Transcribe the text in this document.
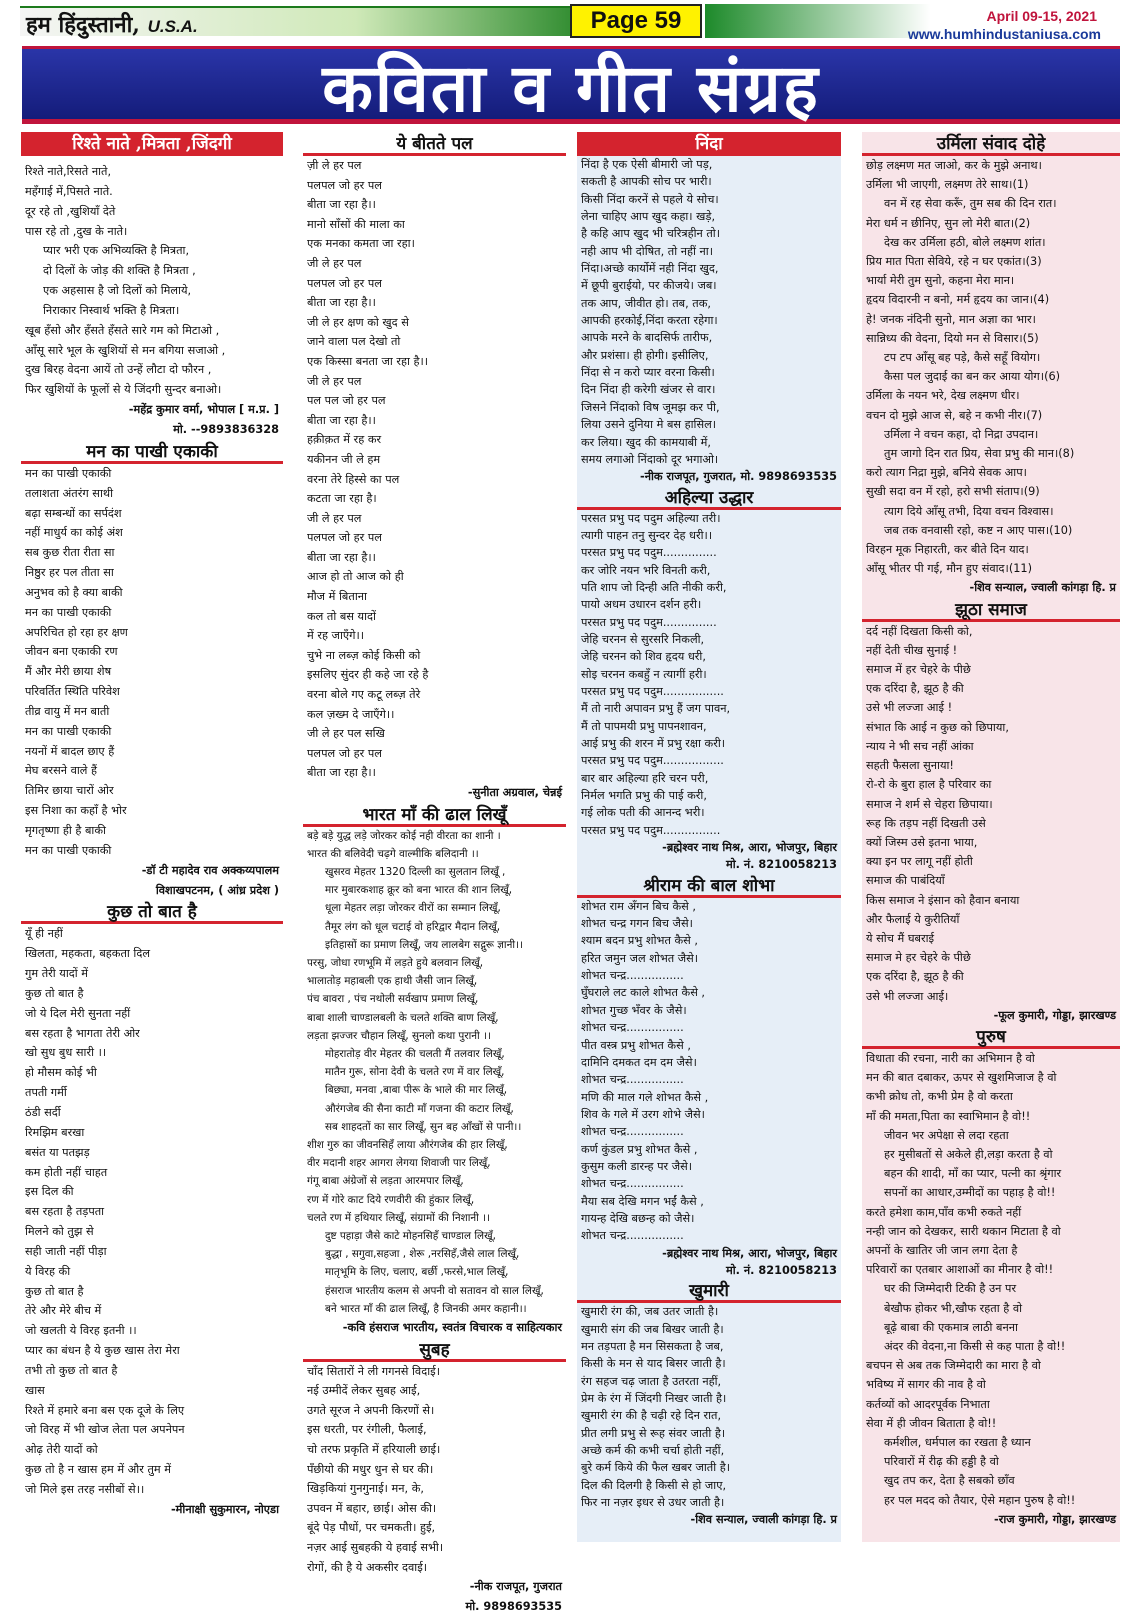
हम हिंदुस्तानी, U.S.A.	Page 59	April 09-15, 2021
www.humhindustaniusa.com
कविता व गीत संग्रह
रिश्ते नाते ,मित्रता ,जिंदगी

रिश्ते नाते,रिसते नाते,

महँगाई में,पिसते नाते.

दूर रहे तो ,खुशियाँ देते

पास रहे तो ,दुख के नाते।

प्यार भरी एक अभिव्यक्ति है मित्रता,

दो दिलों के जोड़ की शक्ति है मित्रता ,

एक अहसास है जो दिलों को मिलाये,

निराकार निस्वार्थ भक्ति है मित्रता।

खूब हँसो और हँसते हँसते सारे गम को मिटाओ ,

आँसू सारे भूल के खुशियों से मन बगिया सजाओ ,

दुख बिरह वेदना आयें तो उन्हें लौटा दो फौरन ,

फिर खुशियों के फूलों से ये जिंदगी सुन्दर बनाओ।

-महेंद्र कुमार वर्मा, भोपाल [ म.प्र. ]

मो. --9893836328

मन का पाखी एकाकी

मन का पाखी एकाकी

तलाशता अंतरंग साथी

बढ़ा सम्बन्धों का सर्पदंश

नहीं माधुर्य का कोई अंश

सब कुछ रीता रीता सा

निष्ठुर हर पल तीता सा

अनुभव को है क्या बाकी

मन का पाखी एकाकी

अपरिचित हो रहा हर क्षण

जीवन बना एकाकी रण

मैं और मेरी छाया शेष

परिवर्तित स्थिति परिवेश

तीव्र वायु में मन बाती

मन का पाखी एकाकी

नयनों में बादल छाए हैं

मेघ बरसने वाले हैं

तिमिर छाया चारों ओर

इस निशा का कहाँ है भोर

मृगतृष्णा ही है बाकी

मन का पाखी एकाकी

-डॉ टी महादेव राव अक्कय्यपालम

विशाखपटनम, ( आंध्र प्रदेश )

कुछ तो बात है

यूँ ही नहीं

खिलता, महकता, बहकता दिल

गुम तेरी यादों में

कुछ तो बात है

जो ये दिल मेरी सुनता नहीं

बस रहता है भागता तेरी ओर

खो सुध बुध सारी ।।

हो मौसम कोई भी

तपती गर्मी

ठंडी सर्दी

रिमझिम बरखा

बसंत या पतझड़

कम होती नहीं चाहत

इस दिल की

बस रहता है तड़पता

मिलने को तुझ से

सही जाती नहीं पीड़ा

ये विरह की

कुछ तो बात है

तेरे और मेरे बीच में

जो खलती ये विरह इतनी ।।

प्यार का बंधन है ये कुछ खास तेरा मेरा

तभी तो कुछ तो बात है

खास

रिश्ते में हमारे बना बस एक दूजे के लिए

जो विरह में भी खोज लेता पल अपनेपन

ओढ़ तेरी यादों को

कुछ तो है न खास हम में और तुम में

जो मिले इस तरह नसीबों से।।

-मीनाक्षी सुकुमारन, नोएडा

ये बीतते पल

ज़ी ले हर पल

पलपल जो हर पल

बीता जा रहा है।।

मानो साँसों की माला का

एक मनका कमता जा रहा।

जी ले हर पल

पलपल जो हर पल

बीता जा रहा है।।

जी ले हर क्षण को खुद से

जाने वाला पल देखो तो

एक किस्सा बनता जा रहा है।।

जी ले हर पल

पल पल जो हर पल

बीता जा रहा है।।

हक़ीक़त में रह कर

यकीनन जी ले हम

वरना तेरे हिस्से का पल

कटता जा रहा है।

जी ले हर पल

पलपल जो हर पल

बीता जा रहा है।।

आज हो तो आज को ही

मौज में बिताना

कल तो बस यादों

में रह जाएँगे।।

चुभे ना लब्ज़ कोई किसी को

इसलिए सुंदर ही कहे जा रहे है

वरना बोले गए कटू लब्ज़ तेरे

कल ज़ख्म दे जाएँगे।।

जी ले हर पल सखि

पलपल जो हर पल

बीता जा रहा है।।

-सुनीता अग्रवाल, चेन्नई

भारत माँ की ढाल लिखूँ

बड़े बड़े युद्ध लड़े जोरकर कोई नही वीरता का शानी ।

भारत की बलिवेदी चढ़गे वाल्मीकि बलिदानी ।।

खुसरव मेहतर 1320 दिल्ली का सुलतान लिखूँ ,

मार मुबारकशाह क्रूर को बना भारत की शान लिखूँ,

धूला मेहतर लड़ा जोरकर वीरों का सम्मान लिखूँ,

तैमूर लंग को धूल चटाई वो हरिद्वार मैदान लिखूँ,

इतिहासों का प्रमाण लिखूँ, जय लालबेग सद्गुरू ज्ञानी।।

परसु, जोधा रणभूमि में लड़ते हुये बलवान लिखूँ,

भालातोड़ महाबली एक हाथी जैसी जान लिखूँ,

पंच बावरा , पंच नथोली सर्वखाप प्रमाण लिखूँ,

बाबा शाली चाण्डालबली के चलते शक्ति बाण लिखूँ,

लड़ता झज्जर चौहान लिखूँ, सुनलो कथा पुरानी ।।

मोहरातोड़ वीर मेहतर की चलती मैं तलवार लिखूँ,

मातैन गुरू, सोना देवी के चलते रण में वार लिखूँ,

बिछ्या, मनवा ,बाबा पीरू के भाले की मार लिखूँ,

औरंगजेब की सैना काटी माँ गजना की कटार लिखूँ,

सब शाहदतों का सार लिखूँ, सुन बह आँखों से पानी।।

शीश गुरु का जीवनसिहँ लाया औरंगजेब की हार लिखूँ,

वीर मदानी शहर आगरा लेगया शिवाजी पार लिखूँ,

गंगू बाबा अंग्रेजों से लड़ता आरमपार लिखूँ,

रण में गोरे काट दिये रणवीरी की हुंकार लिखूँ,

चलते रण में हथियार लिखूँ, संग्रामों की निशानी ।।

दुष्ट पहाड़ा जैसे काटे मोहनसिहँ चाण्डाल लिखूँ,

बुद्धा , सगुवा,सहजा , शेरू ,नरसिहँ,जैसे लाल लिखूँ,

मातृभूमि के लिए, चलाए, बर्छी ,फरसे,भाल लिखूँ,

हंसराज भारतीय कलम से अपनी वो सतावन वो साल लिखूँ,

बने भारत माँ की ढाल लिखूँ, है जिनकी अमर कहानी।।

-कवि हंसराज भारतीय, स्वतंत्र विचारक व साहित्यकार

सुबह

चाँद सितारों ने ली गगनसे विदाई।

नई उम्मीदें लेकर सुबह आई,

उगते सूरज ने अपनी किरणों से।

इस धरती, पर रंगीली, फैलाई,

चो तरफ प्रकृति में हरियाली छाई।

पँछीयो की मधुर धुन से घर की।

खिड़कियां गुनगुनाई। मन, के,

उपवन में बहार, छाई। ओस की।

बूंदे पेड़ पौधों, पर चमकती। हुई,

नज़र आई सुबहकी ये हवाई सभी।

रोगों, की है ये अकसीर दवाई।

-नीक राजपूत, गुजरात

मो. 9898693535

निंदा

निंदा है एक ऐसी बीमारी जो पड़,

सकती है आपकी सोच पर भारी।

किसी निंदा करनें से पहले ये सोच।

लेना चाहिए आप खुद कहा। खड़े,

है कहि आप खुद भी चरित्रहीन तो।

नही आप भी दोषित, तो नहीं ना।

निंदा।अच्छे कार्योमें नही निंदा खुद,

में छूपी बुराईयो, पर कीजये। जब।

तक आप, जीवीत हो। तब, तक,

आपकी हरकोई,निंदा करता रहेगा।

आपके मरने के बादसिर्फ तारीफ,

और प्रशंसा। ही होगी। इसीलिए,

निंदा से न करो प्यार वरना किसी।

दिन निंदा ही करेगी खंजर से वार।

जिसने निंदाको विष जूमझ कर पी,

लिया उसने दुनिया मे बस हासिल।

कर लिया। खुद की कामयाबी में,

समय लगाओ निंदाको दूर भगाओ।

-नीक राजपूत, गुजरात, मो. 9898693535

अहिल्या उद्धार

परसत प्रभु पद पदुम अहिल्या तरी।

त्यागी पाहन तनु सुन्दर देह धरी।।

परसत प्रभु पद पदुम...............

कर जोरि नयन भरि विनती करी,

पति शाप जो दिन्ही अति नीकी करी,

पायो अधम उधारन दर्शन हरी।

परसत प्रभु पद पदुम...............

जेहि चरनन से सुरसरि निकली,

जेहि चरनन को शिव हृदय धरी,

सोइ चरनन कबहुँ न त्यागीं हरी।

परसत प्रभु पद पदुम.................

मैं तो नारी अपावन प्रभु हैं जग पावन,

मैं तो पापमयी प्रभु पापनशावन,

आई प्रभु की शरन में प्रभु रक्षा करी।

परसत प्रभु पद पदुम.................

बार बार अहिल्या हरि चरन परी,

निर्मल भगति प्रभु की पाई करी,

गई लोक पती की आनन्द भरी।

परसत प्रभु पद पदुम................

-ब्रह्मेश्वर नाथ मिश्र, आरा, भोजपुर, बिहार

मो. नं. 8210058213

श्रीराम की बाल शोभा

शोभत राम अँगन बिच कैसे ,

शोभत चन्द्र गगन बिच जैसे।

श्याम बदन प्रभु शोभत कैसे ,

हरित जमुन जल शोभत जैसे।

शोभत चन्द्र................

घुँघराले लट काले शोभत कैसे ,

शोभत गुच्छ भँवर के जैसे।

शोभत चन्द्र................

पीत वस्त्र प्रभु शोभत कैसे ,

दामिनि दमकत दम दम जैसे।

शोभत चन्द्र................

मणि की माल गले शोभत कैसे ,

शिव के गले में उरग शोभे जैसे।

शोभत चन्द्र................

कर्ण कुंडल प्रभु शोभत कैसे ,

कुसुम कली डारन्ह पर जैसे।

शोभत चन्द्र................

मैया सब देखि मगन भईं कैसे ,

गायन्ह देखि बछन्ह को जैसे।

शोभत चन्द्र................

-ब्रह्मेश्वर नाथ मिश्र, आरा, भोजपुर, बिहार

मो. नं. 8210058213

खुमारी

खुमारी रंग की, जब उतर जाती है।

खुमारी संग की जब बिखर जाती है।

मन तड़पता है मन सिसकता है जब,

किसी के मन से याद बिसर जाती है।

रंग सहज चढ़ जाता है उतरता नहीं,

प्रेम के रंग में जिंदगी निखर जाती है।

खुमारी रंग की है चढ़ी रहे दिन रात,

प्रीत लगी प्रभु से रूह संवर जाती है।

अच्छे कर्म की कभी चर्चा होती नहीं,

बुरे कर्म किये की फैल खबर जाती है।

दिल की दिलगी है किसी से हो जाए,

फिर ना नज़र इधर से उधर जाती है।

-शिव सन्याल, ज्वाली कांगड़ा हि. प्र

उर्मिला संवाद दोहे

छोड़ लक्ष्मण मत जाओ, कर के मुझे अनाथ।

उर्मिला भी जाएगी, लक्ष्मण तेरे साथ।(1)

वन में रह सेवा करूँ, तुम सब की दिन रात।

मेरा धर्म न छीनिए, सुन लो मेरी बात।(2)

देख कर उर्मिला हठी, बोले लक्ष्मण शांत।

प्रिय मात पिता सेविये, रहे न घर एकांत।(3)

भार्या मेरी तुम सुनो, कहना मेरा मान।

हृदय विदारनी न बनो, मर्म हृदय का जान।(4)

हे! जनक नंदिनी सुनो, मान अज्ञा का भार।

सान्निध्य की वेदना, दियो मन से विसार।(5)

टप टप आँसू बह पड़े, कैसे सहूँ वियोग।

कैसा पल जुदाई का बन कर आया योग।(6)

उर्मिला के नयन भरे, देख लक्ष्मण धीर।

वचन दो मुझे आज से, बहे न कभी नीर।(7)

उर्मिला ने वचन कहा, दो निद्रा उपदान।

तुम जागो दिन रात प्रिय, सेवा प्रभु की मान।(8)

करो त्याग निद्रा मुझे, बनिये सेवक आप।

सुखी सदा वन में रहो, हरो सभी संताप।(9)

त्याग दिये आँसू तभी, दिया वचन विश्वास।

जब तक वनवासी रहो, कष्ट न आए पास।(10)

विरहन मूक निहारती, कर बीते दिन याद।

आँसू भीतर पी गई, मौन हुए संवाद।(11)

-शिव सन्याल, ज्वाली कांगड़ा हि. प्र

झूठा समाज

दर्द नहीं दिखता किसी को,

नहीं देती चीख सुनाई !

समाज में हर चेहरे के पीछे

एक दरिंदा है, झूठ है की

उसे भी लज्जा आई !

संभात कि आई न कुछ को छिपाया,

न्याय ने भी सच नहीं आंका

सहती फैसला सुनाया!

रो-रो के बुरा हाल है परिवार का

समाज ने शर्म से चेहरा छिपाया।

रूह कि तड़प नहीं दिखती उसे

क्यों जिस्म उसे इतना भाया,

क्या इन पर लागू नहीं होती

समाज की पाबंदियाँ

किस समाज ने इंसान को हैवान बनाया

और फैलाई ये कुरीतियाँ

ये सोच मैं घबराई

समाज मे हर चेहरे के पीछे

एक दरिंदा है, झूठ है की

उसे भी लज्जा आई।

-फूल कुमारी, गोड्डा, झारखण्ड

पुरुष

विधाता की रचना, नारी का अभिमान है वो

मन की बात दबाकर, ऊपर से खुशमिजाज है वो

कभी क्रोध तो, कभी प्रेम है वो करता

माँ की ममता,पिता का स्वाभिमान है वो!!

जीवन भर अपेक्षा से लदा रहता

हर मुसीबतों से अकेले ही,लड़ा करता है वो

बहन की शादी, माँ का प्यार, पत्नी का श्रृंगार

सपनों का आधार,उम्मीदों का पहाड़ है वो!!

करते हमेशा काम,पाँव कभी रुकते नहीं

नन्ही जान को देखकर, सारी थकान मिटाता है वो

अपनों के खातिर जी जान लगा देता है

परिवारों का एतबार आशाओं का मीनार है वो!!

घर की जिम्मेदारी टिकी है उन पर

बेखौफ होकर भी,खौफ रहता है वो

बूढ़े बाबा की एकमात्र लाठी बनना

अंदर की वेदना,ना किसी से कह पाता है वो!!

बचपन से अब तक जिम्मेदारी का मारा है वो

भविष्य में सागर की नाव है वो

कर्तव्यों को आदरपूर्वक निभाता

सेवा में ही जीवन बिताता है वो!!

कर्मशील, धर्मपाल का रखता है ध्यान

परिवारों में रीढ़ की हड्डी है वो

खुद तप कर, देता है सबको छाँव

हर पल मदद को तैयार, ऐसे महान पुरुष है वो!!

-राज कुमारी, गोड्डा, झारखण्ड
